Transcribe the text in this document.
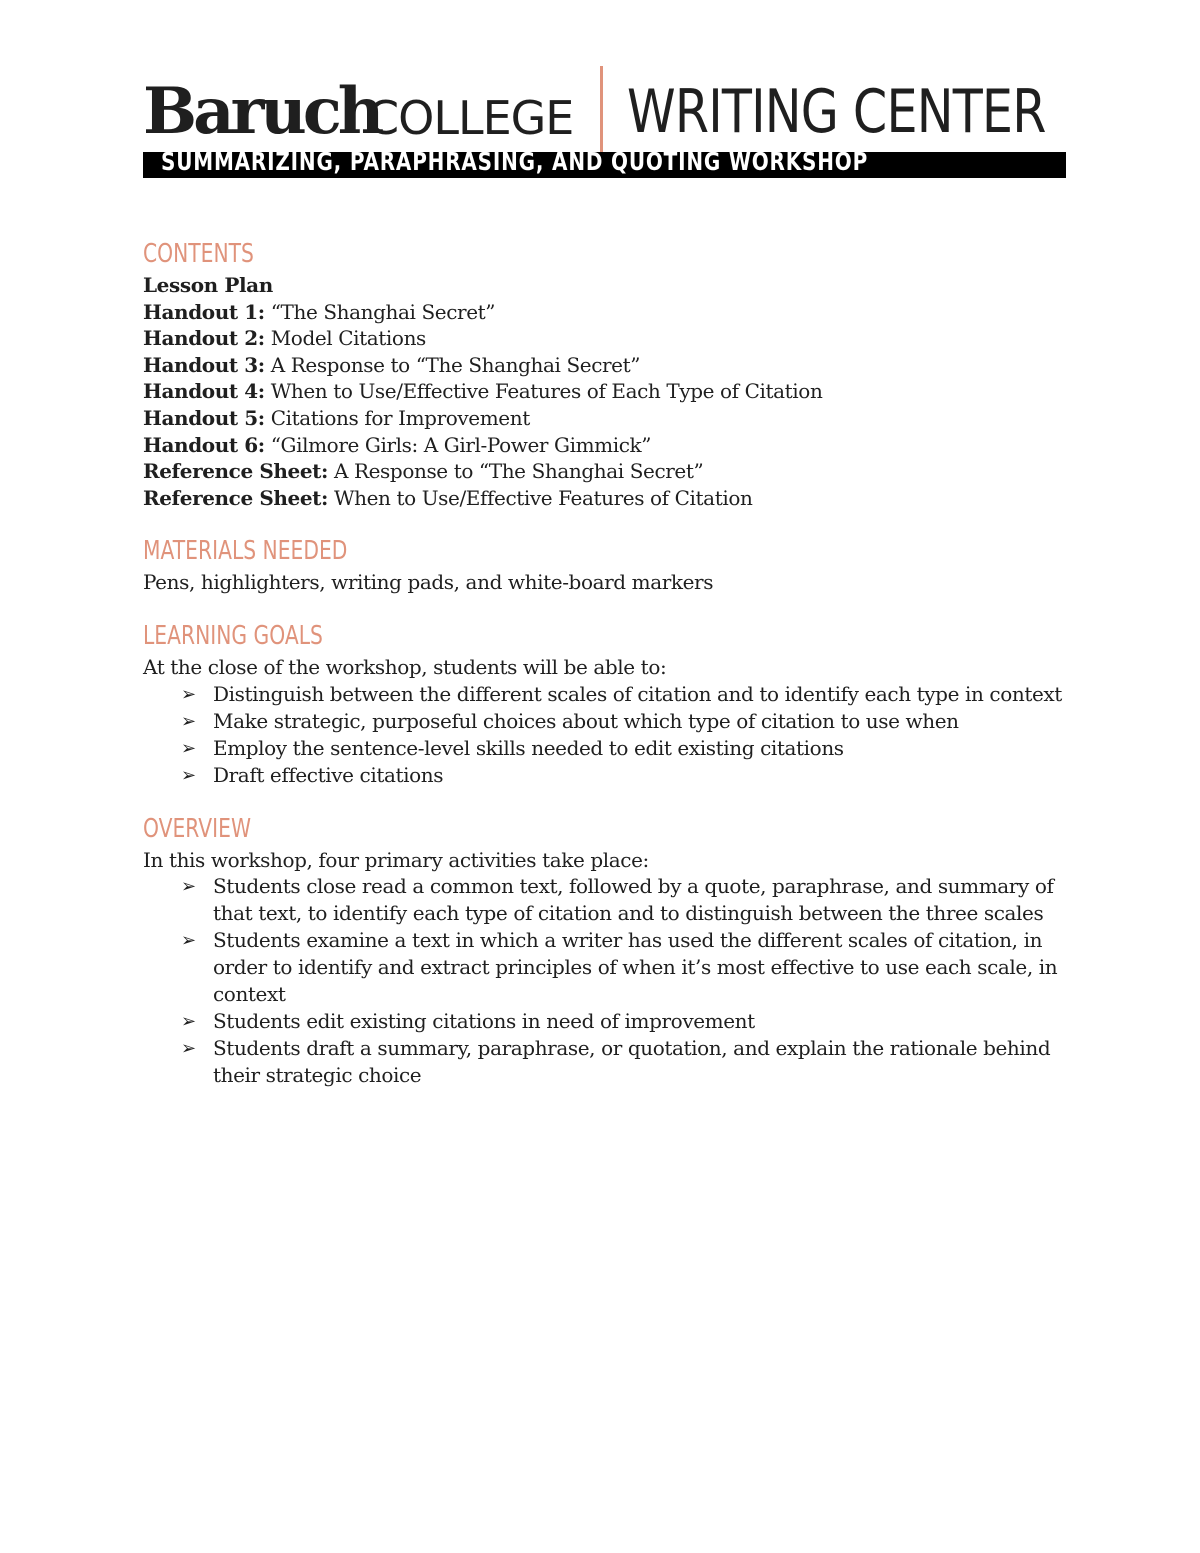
Baruch
COLLEGE WRITING CENTER
SUMMARIZING, PARAPHRASING, AND QUOTING WORKSHOP
CONTENTS
Lesson Plan
Handout 1: “The Shanghai Secret”
Handout 2: Model Citations
Handout 3: A Response to “The Shanghai Secret”
Handout 4: When to Use/Effective Features of Each Type of Citation
Handout 5: Citations for Improvement
Handout 6: “Gilmore Girls: A Girl-Power Gimmick”
Reference Sheet: A Response to “The Shanghai Secret”
Reference Sheet: When to Use/Effective Features of Citation
MATERIALS NEEDED
Pens, highlighters, writing pads, and white-board markers
LEARNING GOALS
At the close of the workshop, students will be able to:
➢ Distinguish between the different scales of citation and to identify each type in context
➢ Make strategic, purposeful choices about which type of citation to use when
➢ Employ the sentence-level skills needed to edit existing citations
➢ Draft effective citations
OVERVIEW
In this workshop, four primary activities take place:
➢ Students close read a common text, followed by a quote, paraphrase, and summary of that text, to identify each type of citation and to distinguish between the three scales
➢ Students examine a text in which a writer has used the different scales of citation, in order to identify and extract principles of when it’s most effective to use each scale, in context
➢ Students edit existing citations in need of improvement
➢ Students draft a summary, paraphrase, or quotation, and explain the rationale behind their strategic choice
